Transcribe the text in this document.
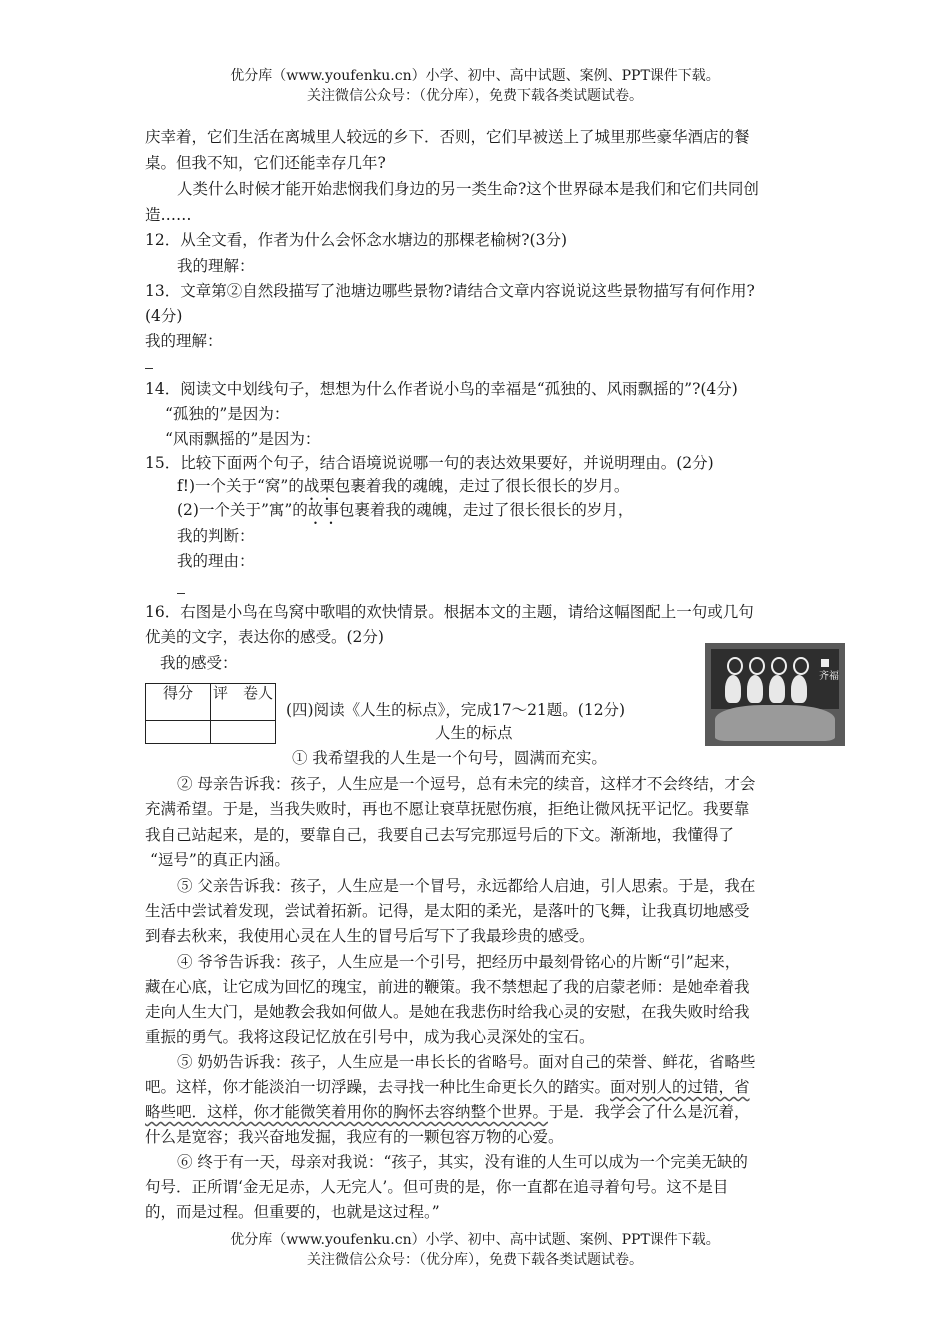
优分库（www.youfenku.cn）小学、初中、高中试题、案例、PPT课件下载。
关注微信公众号：（优分库），免费下载各类试题试卷。
庆幸着，它们生活在离城里人较远的乡下．否则，它们早被送上了城里那些豪华酒店的餐
桌。但我不知，它们还能幸存几年?
人类什么时候才能开始悲悯我们身边的另一类生命?这个世界碌本是我们和它们共同创
造……
12．从全文看，作者为什么会怀念水塘边的那棵老榆树?(3分)
我的理解：
13．文章第②自然段描写了池塘边哪些景物?请结合文章内容说说这些景物描写有何作用?
(4分)
我的理解：
14．阅读文中划线句子，想想为什么作者说小鸟的幸福是“孤独的、风雨飘摇的”?(4分)
“孤独的”是因为：
“风雨飘摇的”是因为：
15．比较下面两个句子，结合语境说说哪一句的表达效果要好，并说明理由。(2分)
f!)一个关于“窝”的战栗包裹着我的魂魄，走过了很长很长的岁月。
(2)一个关于”寓”的故事包裹着我的魂魄，走过了很长很长的岁月，
我的判断：
我的理由：
16．右图是小鸟在鸟窝中歌唱的欢快情景。根据本文的主题，请给这幅图配上一句或几句
优美的文字，表达你的感受。(2分)
我的感受：
齐福
得分	评　卷人

(四)阅读《人生的标点》，完成17～21题。(12分)
人生的标点
① 我希望我的人生是一个句号，圆满而充实。
② 母亲告诉我：孩子，人生应是一个逗号，总有未完的续音，这样才不会终结，才会
充满希望。于是，当我失败时，再也不愿让衰草抚慰伤痕，拒绝让微风抚平记忆。我要靠
我自己站起来，是的，要靠自己，我要自己去写完那逗号后的下文。渐渐地，我懂得了
“逗号”的真正内涵。
⑤ 父亲告诉我：孩子，人生应是一个冒号，永远都给人启迪，引人思索。于是，我在
生活中尝试着发现，尝试着拓新。记得，是太阳的柔光，是落叶的飞舞，让我真切地感受
到春去秋来，我使用心灵在人生的冒号后写下了我最珍贵的感受。
④ 爷爷告诉我：孩子，人生应是一个引号，把经历中最刻骨铭心的片断“引”起来，
藏在心底，让它成为回忆的瑰宝，前进的鞭策。我不禁想起了我的启蒙老师：是她牵着我
走向人生大门，是她教会我如何做人。是她在我悲伤时给我心灵的安慰，在我失败时给我
重振的勇气。我将这段记忆放在引号中，成为我心灵深处的宝石。
⑤ 奶奶告诉我：孩子，人生应是一串长长的省略号。面对自己的荣誉、鲜花，省略些
吧。这样，你才能淡泊一切浮躁，去寻找一种比生命更长久的踏实。面对别人的过错，省
略些吧．这样，你才能微笑着用你的胸怀去容纳整个世界。于是．我学会了什么是沉着，
什么是宽容；我兴奋地发掘，我应有的一颗包容万物的心爱。
⑥ 终于有一天，母亲对我说：“孩子，其实，没有谁的人生可以成为一个完美无缺的
句号．正所谓‘金无足赤，人无完人’。但可贵的是，你一直都在追寻着句号。这不是目
的，而是过程。但重要的，也就是这过程。”
优分库（www.youfenku.cn）小学、初中、高中试题、案例、PPT课件下载。
关注微信公众号：（优分库），免费下载各类试题试卷。
